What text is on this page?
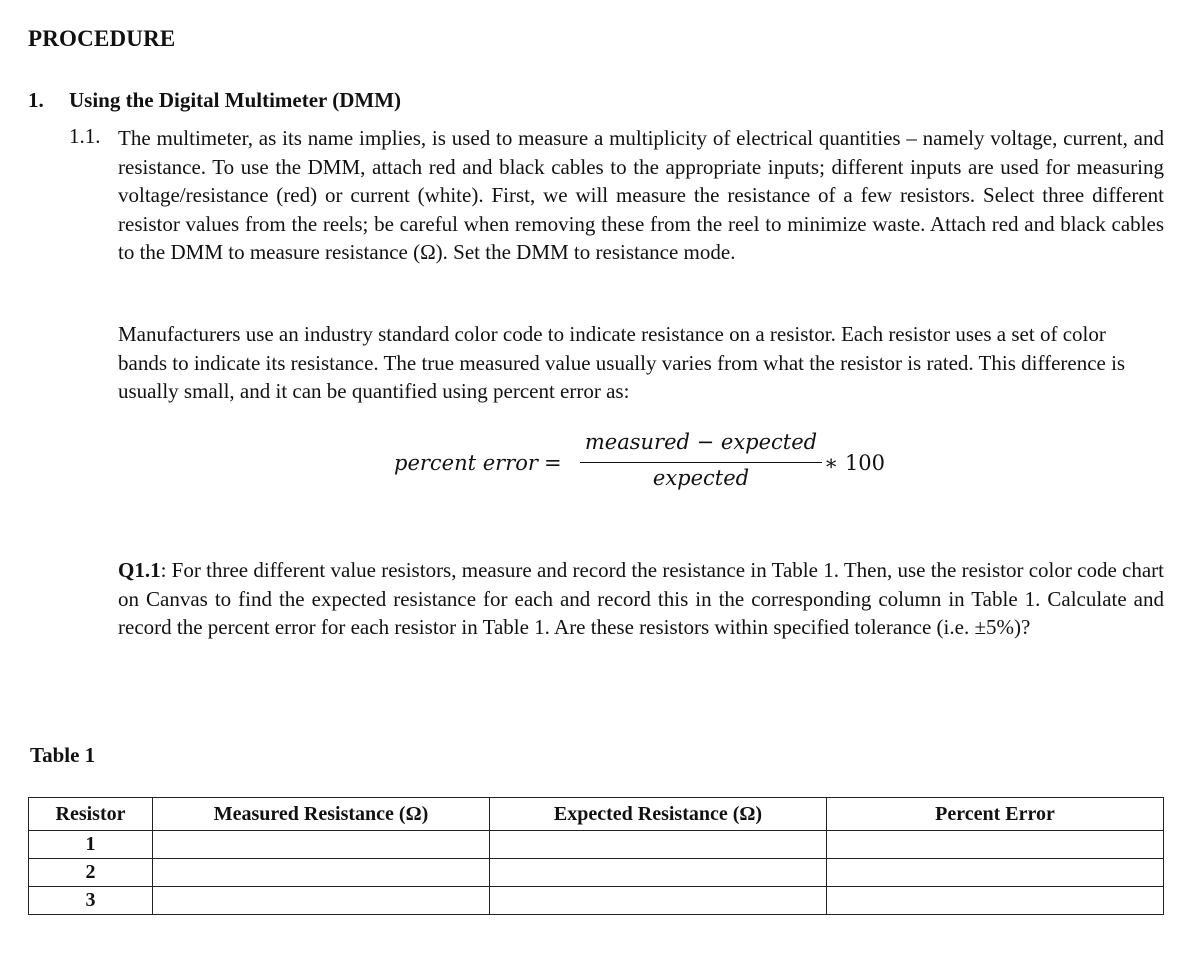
PROCEDURE
1. Using the Digital Multimeter (DMM)
1.1. The multimeter, as its name implies, is used to measure a multiplicity of electrical quantities – namely voltage, current, and resistance. To use the DMM, attach red and black cables to the appropriate inputs; different inputs are used for measuring voltage/resistance (red) or current (white). First, we will measure the resistance of a few resistors. Select three different resistor values from the reels; be careful when removing these from the reel to minimize waste. Attach red and black cables to the DMM to measure resistance (Ω). Set the DMM to resistance mode.
Manufacturers use an industry standard color code to indicate resistance on a resistor. Each resistor uses a set of color bands to indicate its resistance. The true measured value usually varies from what the resistor is rated. This difference is usually small, and it can be quantified using percent error as:
percent error =
measured − expected
expected
∗ 100
Q1.1: For three different value resistors, measure and record the resistance in Table 1. Then, use the resistor color code chart on Canvas to find the expected resistance for each and record this in the corresponding column in Table 1. Calculate and record the percent error for each resistor in Table 1. Are these resistors within specified tolerance (i.e. ±5%)?
Table 1
Resistor	Measured Resistance (Ω)	Expected Resistance (Ω)	Percent Error
1			
2			
3			
